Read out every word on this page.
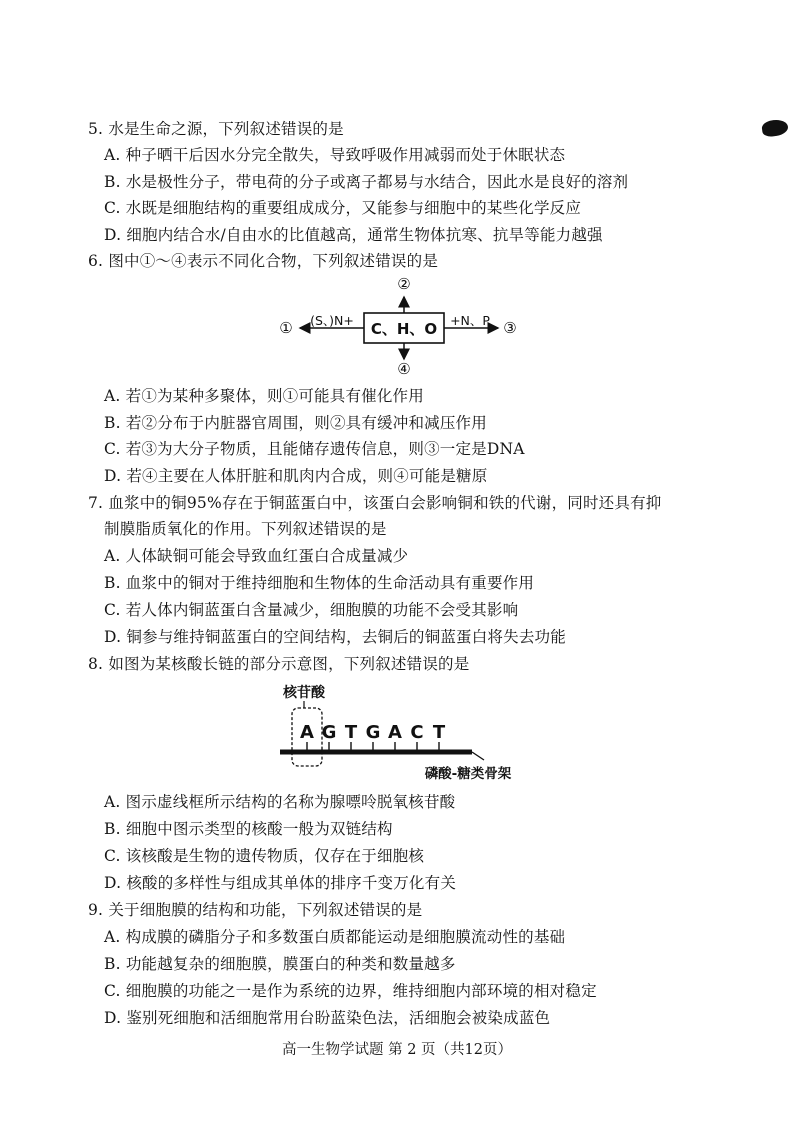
5. 水是生命之源，下列叙述错误的是
A. 种子晒干后因水分完全散失，导致呼吸作用减弱而处于休眠状态
B. 水是极性分子，带电荷的分子或离子都易与水结合，因此水是良好的溶剂
C. 水既是细胞结构的重要组成成分，又能参与细胞中的某些化学反应
D. 细胞内结合水/自由水的比值越高，通常生物体抗寒、抗旱等能力越强
6. 图中①～④表示不同化合物，下列叙述错误的是
C、H、O
②
④
①	③
(S、)N+	+N、P
A. 若①为某种多聚体，则①可能具有催化作用
B. 若②分布于内脏器官周围，则②具有缓冲和减压作用
C. 若③为大分子物质，且能储存遗传信息，则③一定是DNA
D. 若④主要在人体肝脏和肌肉内合成，则④可能是糖原
7. 血浆中的铜95%存在于铜蓝蛋白中，该蛋白会影响铜和铁的代谢，同时还具有抑
制膜脂质氧化的作用。下列叙述错误的是
A. 人体缺铜可能会导致血红蛋白合成量减少
B. 血浆中的铜对于维持细胞和生物体的生命活动具有重要作用
C. 若人体内铜蓝蛋白含量减少，细胞膜的功能不会受其影响
D. 铜参与维持铜蓝蛋白的空间结构，去铜后的铜蓝蛋白将失去功能
8. 如图为某核酸长链的部分示意图，下列叙述错误的是
核苷酸
A G T G A C T
磷酸-糖类骨架
A. 图示虚线框所示结构的名称为腺嘌呤脱氧核苷酸
B. 细胞中图示类型的核酸一般为双链结构
C. 该核酸是生物的遗传物质，仅存在于细胞核
D. 核酸的多样性与组成其单体的排序千变万化有关
9. 关于细胞膜的结构和功能，下列叙述错误的是
A. 构成膜的磷脂分子和多数蛋白质都能运动是细胞膜流动性的基础
B. 功能越复杂的细胞膜，膜蛋白的种类和数量越多
C. 细胞膜的功能之一是作为系统的边界，维持细胞内部环境的相对稳定
D. 鉴别死细胞和活细胞常用台盼蓝染色法，活细胞会被染成蓝色
高一生物学试题 第 2 页（共12页）
